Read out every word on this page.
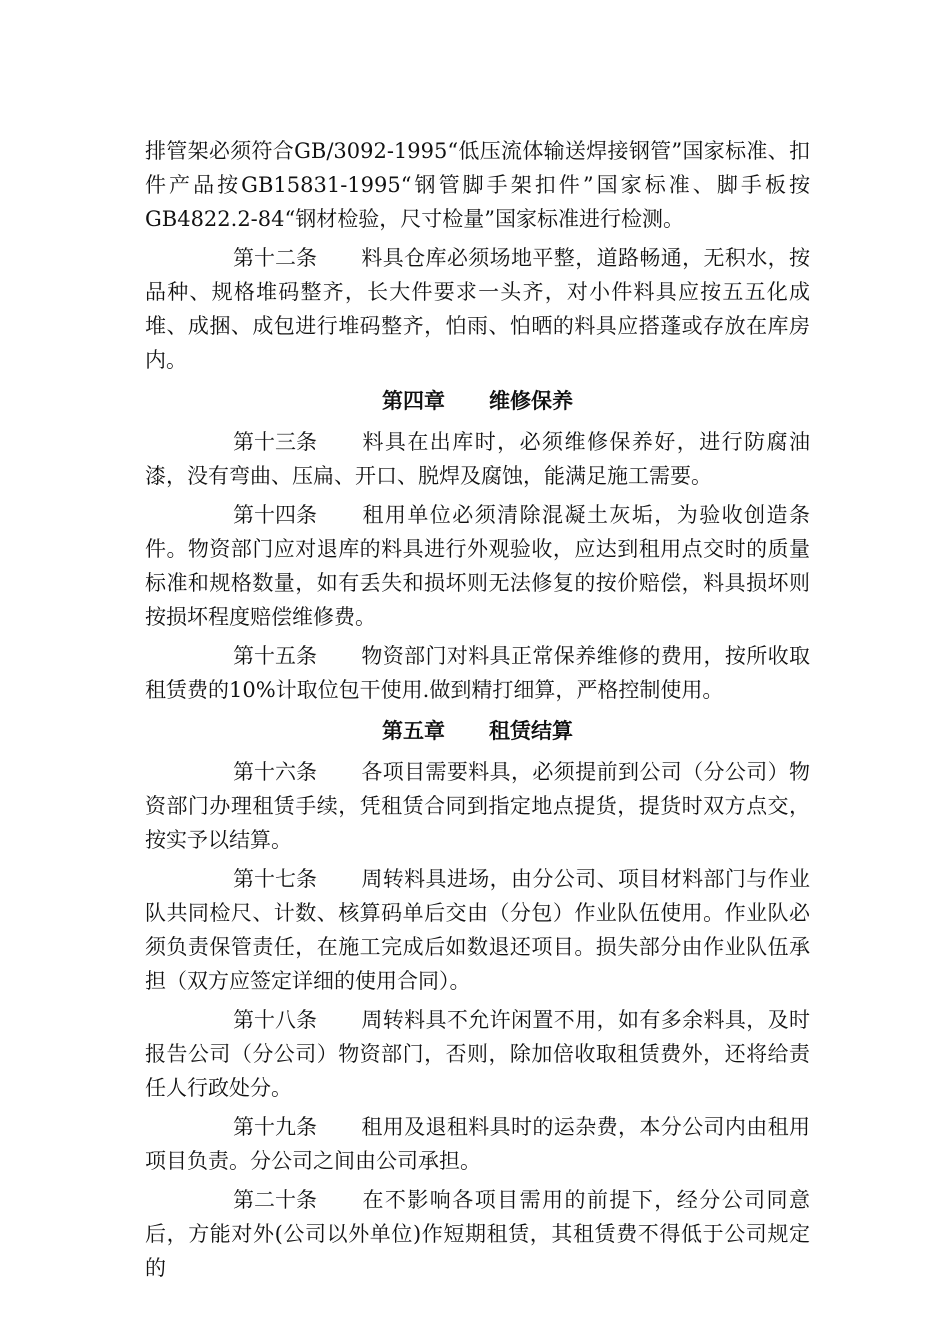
排管架必须符合GB/3092-1995“低压流体输送焊接钢管”国家标准、扣件产品按GB15831-1995“钢管脚手架扣件”国家标准、脚手板按GB4822.2-84“钢材检验，尺寸检量”国家标准进行检测。

第十二条 料具仓库必须场地平整，道路畅通，无积水，按品种、规格堆码整齐，长大件要求一头齐，对小件料具应按五五化成堆、成捆、成包进行堆码整齐，怕雨、怕晒的料具应搭蓬或存放在库房内。

第四章 维修保养

第十三条 料具在出库时，必须维修保养好，进行防腐油漆，没有弯曲、压扁、开口、脱焊及腐蚀，能满足施工需要。

第十四条 租用单位必须清除混凝土灰垢，为验收创造条件。物资部门应对退库的料具进行外观验收，应达到租用点交时的质量标准和规格数量，如有丢失和损坏则无法修复的按价赔偿，料具损坏则按损坏程度赔偿维修费。

第十五条 物资部门对料具正常保养维修的费用，按所收取租赁费的10%计取位包干使用.做到精打细算，严格控制使用。

第五章 租赁结算

第十六条 各项目需要料具，必须提前到公司（分公司）物资部门办理租赁手续，凭租赁合同到指定地点提货，提货时双方点交，按实予以结算。

第十七条 周转料具进场，由分公司、项目材料部门与作业队共同检尺、计数、核算码单后交由（分包）作业队伍使用。作业队必须负责保管责任，在施工完成后如数退还项目。损失部分由作业队伍承担（双方应签定详细的使用合同）。

第十八条 周转料具不允许闲置不用，如有多余料具，及时报告公司（分公司）物资部门，否则，除加倍收取租赁费外，还将给责任人行政处分。

第十九条 租用及退租料具时的运杂费，本分公司内由租用项目负责。分公司之间由公司承担。

第二十条 在不影响各项目需用的前提下，经分公司同意后，方能对外(公司以外单位)作短期租赁，其租赁费不得低于公司规定的
